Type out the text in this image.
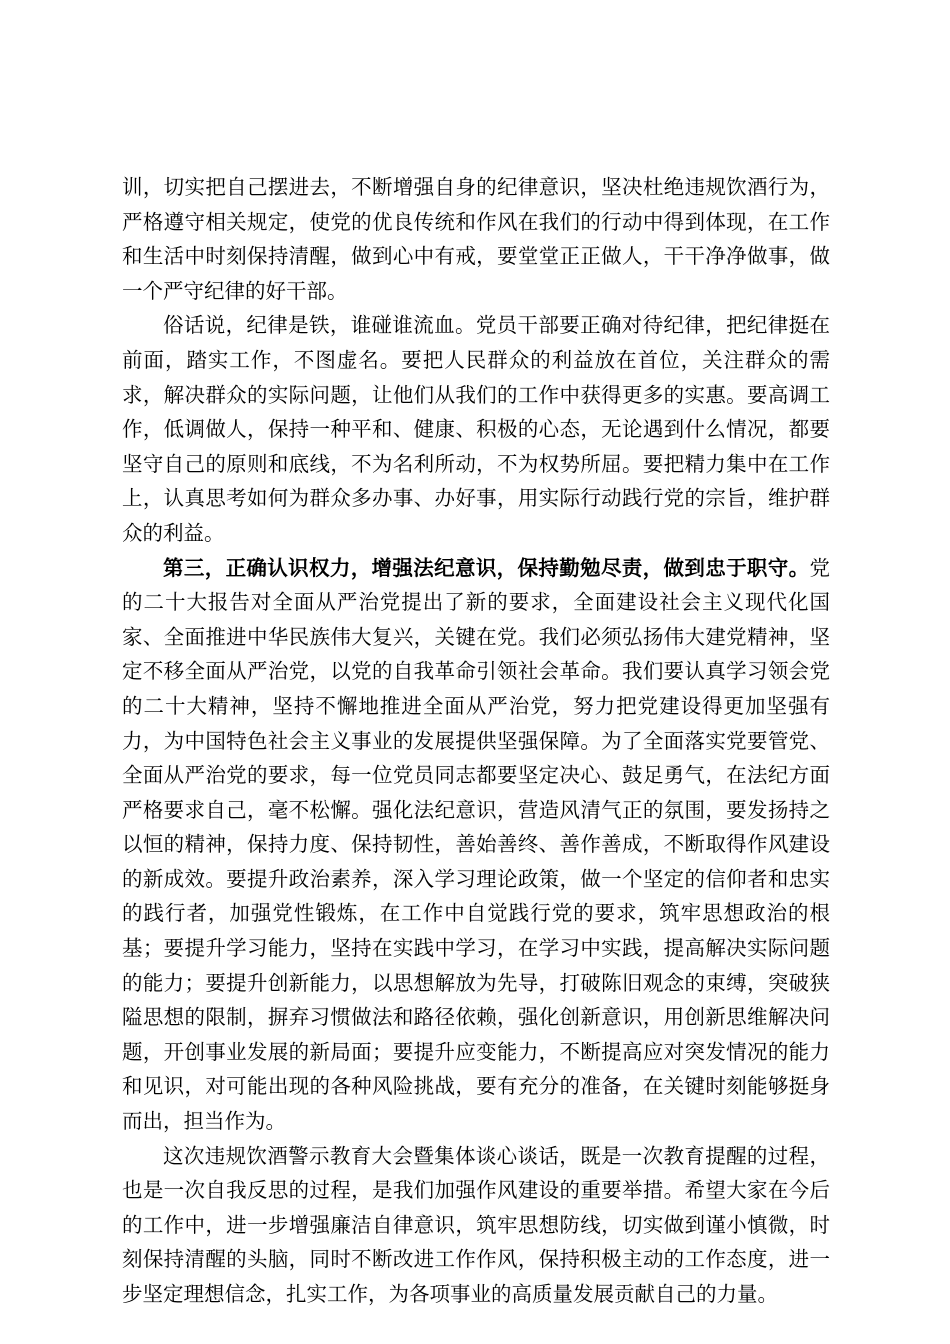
训，切实把自己摆进去，不断增强自身的纪律意识，坚决杜绝违规饮酒行为，严格遵守相关规定，使党的优良传统和作风在我们的行动中得到体现，在工作和生活中时刻保持清醒，做到心中有戒，要堂堂正正做人，干干净净做事，做一个严守纪律的好干部。

俗话说，纪律是铁，谁碰谁流血。党员干部要正确对待纪律，把纪律挺在前面，踏实工作，不图虚名。要把人民群众的利益放在首位，关注群众的需求，解决群众的实际问题，让他们从我们的工作中获得更多的实惠。要高调工作，低调做人，保持一种平和、健康、积极的心态，无论遇到什么情况，都要坚守自己的原则和底线，不为名利所动，不为权势所屈。要把精力集中在工作上，认真思考如何为群众多办事、办好事，用实际行动践行党的宗旨，维护群众的利益。

第三，正确认识权力，增强法纪意识，保持勤勉尽责，做到忠于职守。党的二十大报告对全面从严治党提出了新的要求，全面建设社会主义现代化国家、全面推进中华民族伟大复兴，关键在党。我们必须弘扬伟大建党精神，坚定不移全面从严治党，以党的自我革命引领社会革命。我们要认真学习领会党的二十大精神，坚持不懈地推进全面从严治党，努力把党建设得更加坚强有力，为中国特色社会主义事业的发展提供坚强保障。为了全面落实党要管党、全面从严治党的要求，每一位党员同志都要坚定决心、鼓足勇气，在法纪方面严格要求自己，毫不松懈。强化法纪意识，营造风清气正的氛围，要发扬持之以恒的精神，保持力度、保持韧性，善始善终、善作善成，不断取得作风建设的新成效。要提升政治素养，深入学习理论政策，做一个坚定的信仰者和忠实的践行者，加强党性锻炼，在工作中自觉践行党的要求，筑牢思想政治的根基；要提升学习能力，坚持在实践中学习，在学习中实践，提高解决实际问题的能力；要提升创新能力，以思想解放为先导，打破陈旧观念的束缚，突破狭隘思想的限制，摒弃习惯做法和路径依赖，强化创新意识，用创新思维解决问题，开创事业发展的新局面；要提升应变能力，不断提高应对突发情况的能力和见识，对可能出现的各种风险挑战，要有充分的准备，在关键时刻能够挺身而出，担当作为。

这次违规饮酒警示教育大会暨集体谈心谈话，既是一次教育提醒的过程，也是一次自我反思的过程，是我们加强作风建设的重要举措。希望大家在今后的工作中，进一步增强廉洁自律意识，筑牢思想防线，切实做到谨小慎微，时刻保持清醒的头脑，同时不断改进工作作风，保持积极主动的工作态度，进一步坚定理想信念，扎实工作，为各项事业的高质量发展贡献自己的力量。
